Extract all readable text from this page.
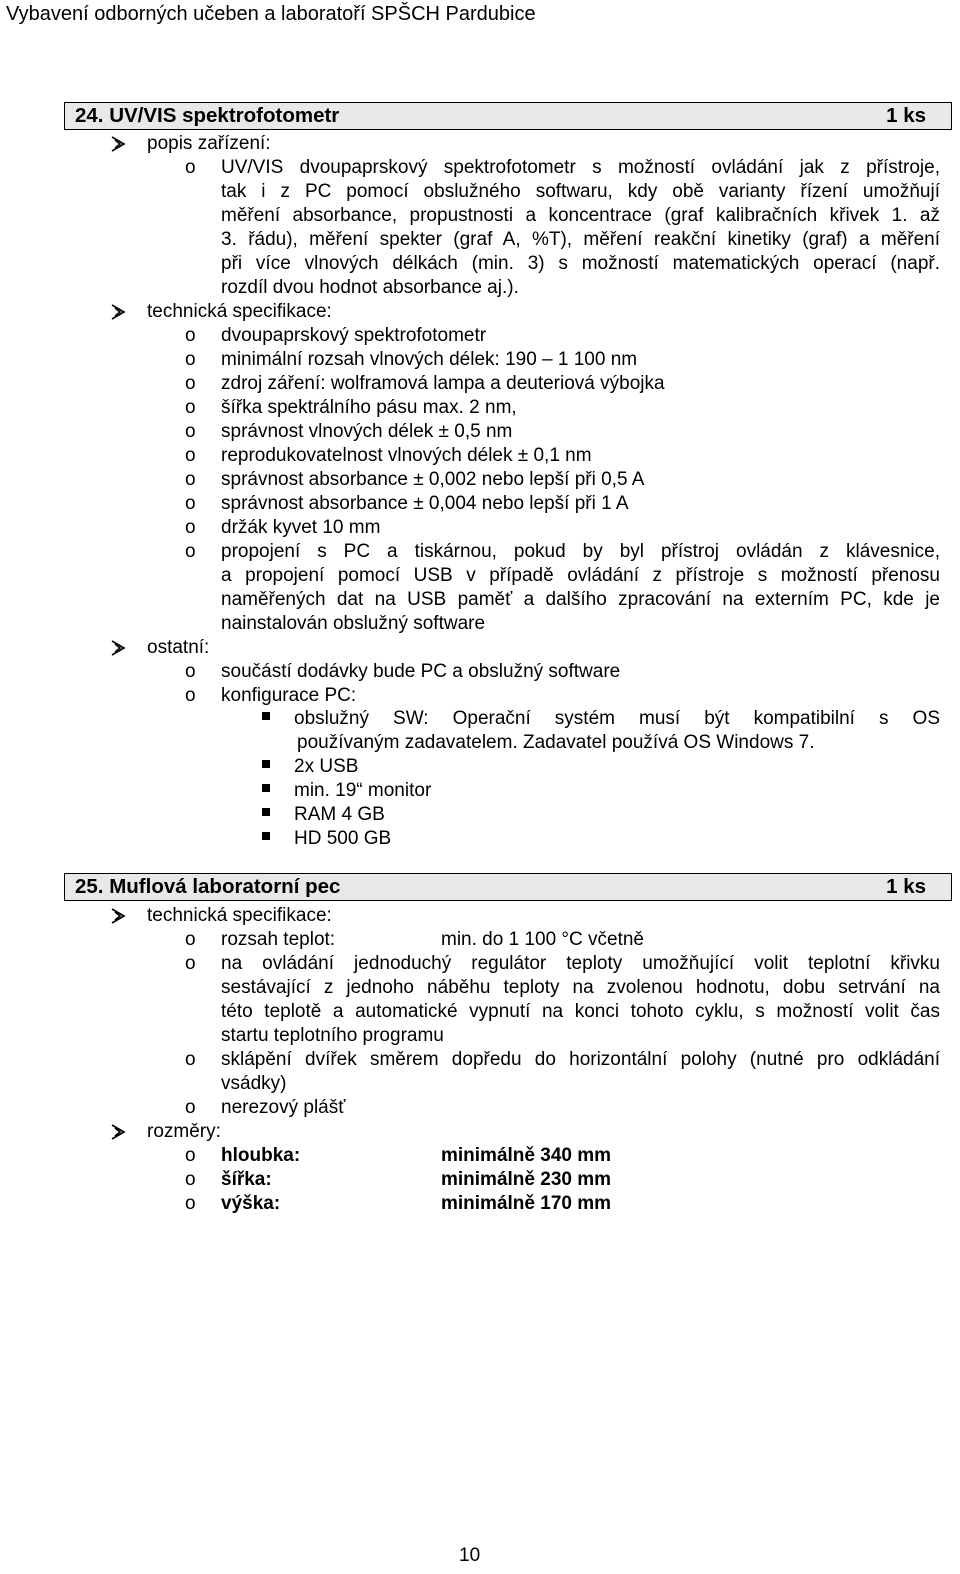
Vybavení odborných učeben a laboratoří SPŠCH Pardubice
24. UV/VIS spektrofotometr	1 ks
popis zařízení:
o UV/VIS dvoupaprskový spektrofotometr s možností ovládání jak z přístroje,
tak i z PC pomocí obslužného softwaru, kdy obě varianty řízení umožňují
měření absorbance, propustnosti a koncentrace (graf kalibračních křivek 1. až
3. řádu), měření spekter (graf A, %T), měření reakční kinetiky (graf) a měření
při více vlnových délkách (min. 3) s možností matematických operací (např.
rozdíl dvou hodnot absorbance aj.).
technická specifikace:
o dvoupaprskový spektrofotometr
o minimální rozsah vlnových délek: 190 – 1 100 nm
o zdroj záření: wolframová lampa a deuteriová výbojka
o šířka spektrálního pásu max. 2 nm,
o správnost vlnových délek ± 0,5 nm
o reprodukovatelnost vlnových délek ± 0,1 nm
o správnost absorbance ± 0,002 nebo lepší při 0,5 A
o správnost absorbance ± 0,004 nebo lepší při 1 A
o držák kyvet 10 mm
o propojení s PC a tiskárnou, pokud by byl přístroj ovládán z klávesnice,
a propojení pomocí USB v případě ovládání z přístroje s možností přenosu
naměřených dat na USB paměť a dalšího zpracování na externím PC, kde je
nainstalován obslužný software
ostatní:
o součástí dodávky bude PC a obslužný software
o konfigurace PC:
obslužný SW: Operační systém musí být kompatibilní s OS
používaným zadavatelem. Zadavatel používá OS Windows 7.
2x USB
min. 19“ monitor
RAM 4 GB
HD 500 GB
25. Muflová laboratorní pec	1 ks
technická specifikace:
o rozsah teplot:	min. do 1 100 °C včetně
o na ovládání jednoduchý regulátor teploty umožňující volit teplotní křivku
sestávající z jednoho náběhu teploty na zvolenou hodnotu, dobu setrvání na
této teplotě a automatické vypnutí na konci tohoto cyklu, s možností volit čas
startu teplotního programu
o sklápění dvířek směrem dopředu do horizontální polohy (nutné pro odkládání
vsádky)
o nerezový plášť
rozměry:
o hloubka:	minimálně 340 mm
o šířka:	minimálně 230 mm
o výška:	minimálně 170 mm
10
